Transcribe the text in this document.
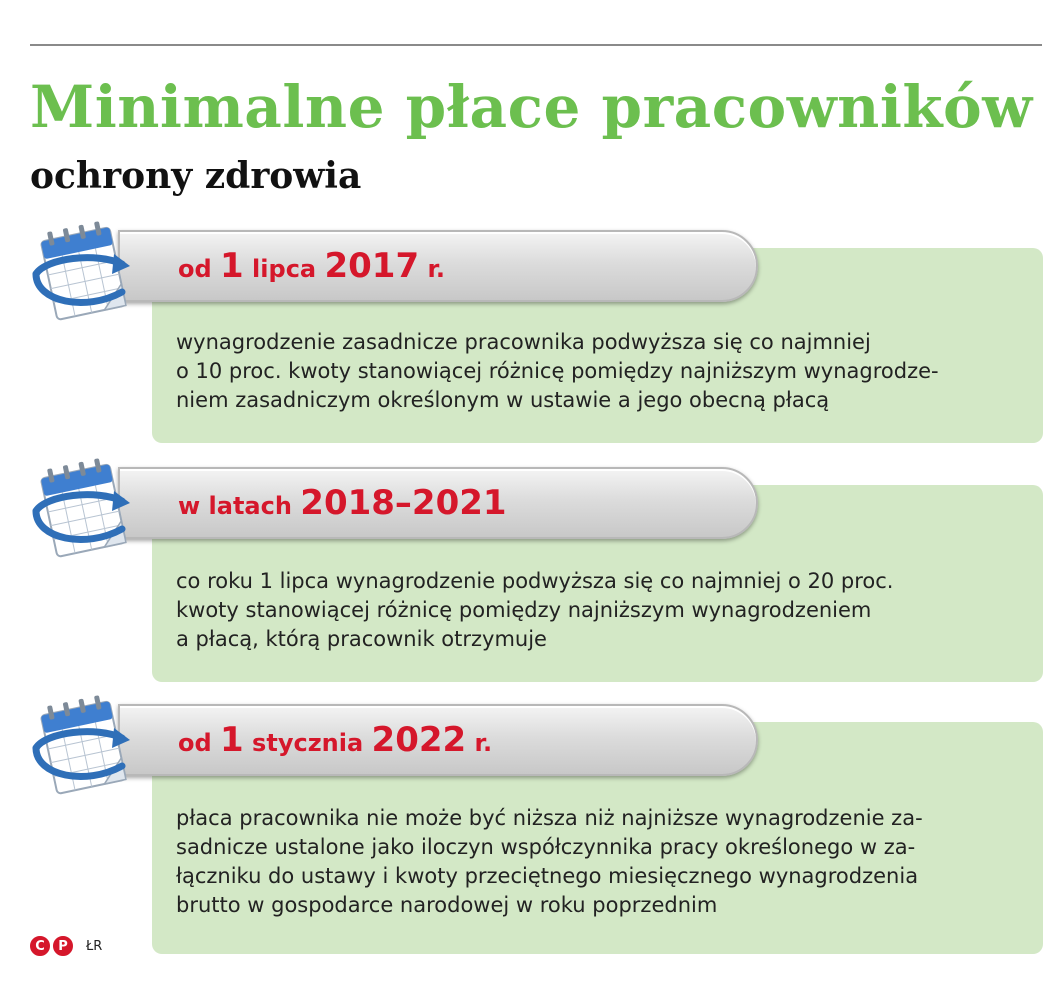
Minimalne płace pracowników
ochrony zdrowia
od 1 lipca 2017 r.

wynagrodzenie zasadnicze pracownika podwyższa się co najmniej
o 10 proc. kwoty stanowiącej różnicę pomiędzy najniższym wynagrodze-
niem zasadniczym określonym w ustawie a jego obecną płacą

w latach 2018–2021

co roku 1 lipca wynagrodzenie podwyższa się co najmniej o 20 proc.
kwoty stanowiącej różnicę pomiędzy najniższym wynagrodzeniem
a płacą, którą pracownik otrzymuje

od 1 stycznia 2022 r.

płaca pracownika nie może być niższa niż najniższe wynagrodzenie za-
sadnicze ustalone jako iloczyn współczynnika pracy określonego w za-
łączniku do ustawy i kwoty przeciętnego miesięcznego wynagrodzenia
brutto w gospodarce narodowej w roku poprzednim

C	P	ŁR
